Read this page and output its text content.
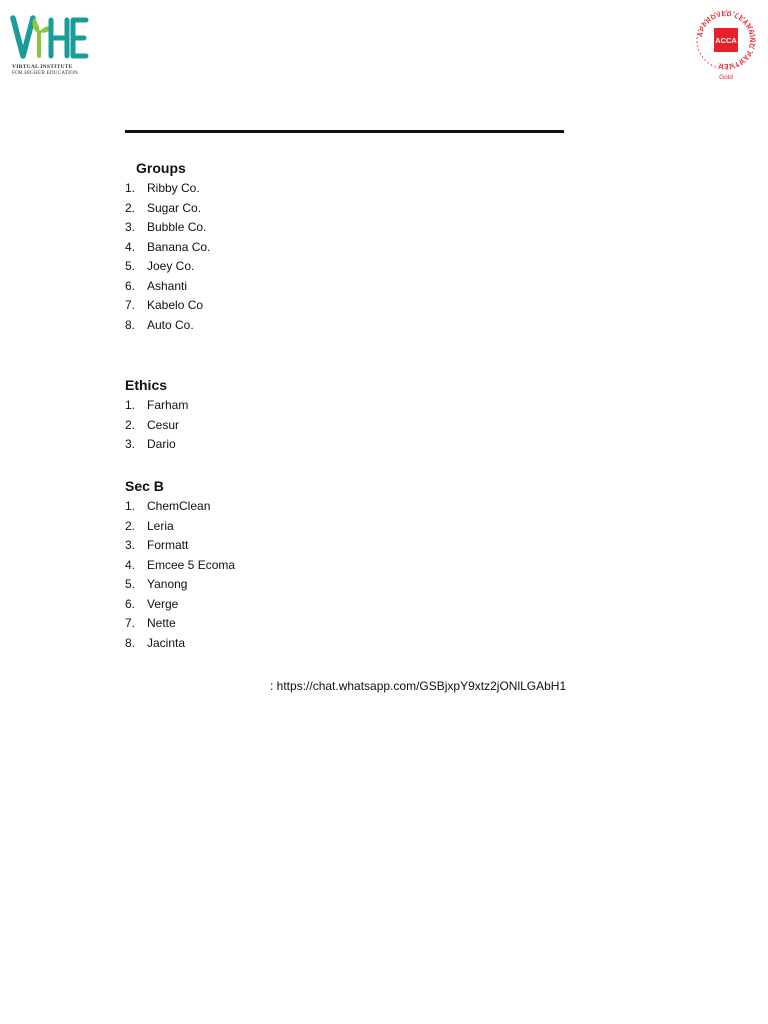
VIRTUAL INSTITUTE
FOR HIGHER EDUCATION
APPROVED LEARNING PARTNER
ACCA
Gold
Groups
1. Ribby Co.
2. Sugar Co.
3. Bubble Co.
4. Banana Co.
5. Joey Co.
6. Ashanti
7. Kabelo Co
8. Auto Co.
Ethics
1. Farham
2. Cesur
3. Dario
Sec B
1. ChemClean
2. Leria
3. Formatt
4. Emcee 5 Ecoma
5. Yanong
6. Verge
7. Nette
8. Jacinta
: https://chat.whatsapp.com/GSBjxpY9xtz2jONlLGAbH1
